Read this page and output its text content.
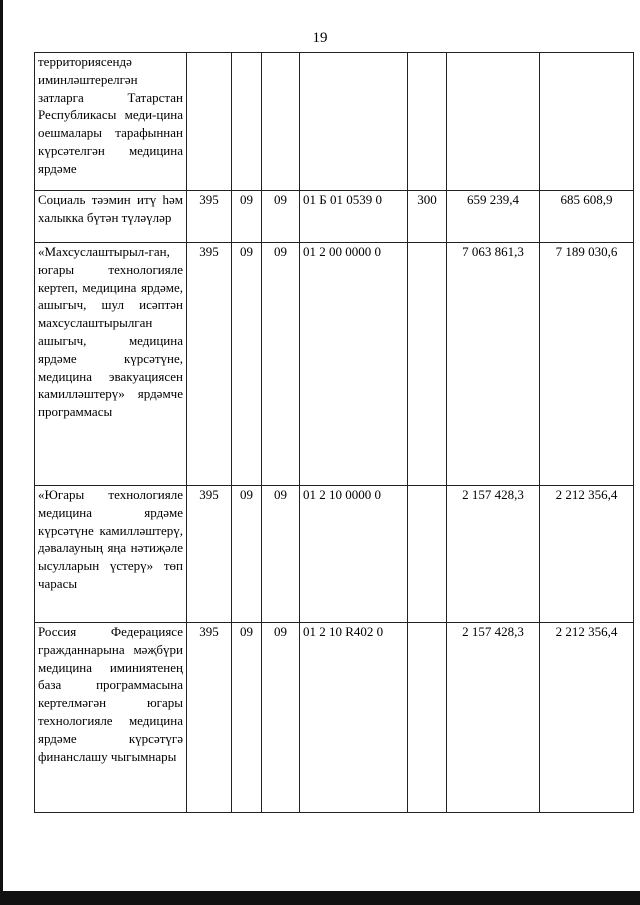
19
территориясендә иминләштерелгән затларга Татарстан Республикасы меди-цина оешмалары тарафыннан күрсәтелгән медицина ярдәме							
Социаль тәэмин итү һәм халыкка бүтән түләүләр	395	09	09	01 Б 01 0539 0	300	659 239,4	685 608,9
«Махсуслаштырыл-ган, югары технологияле кертеп, медицина ярдәме, ашыгыч, шул исәптән махсуслаштырылган ашыгыч, медицина ярдәме күрсәтүне, медицина эвакуациясен камилләштерү» ярдәмче программасы	395	09	09	01 2 00 0000 0		7 063 861,3	7 189 030,6
«Югары технологияле медицина ярдәме күрсәтүне камилләштерү, дәвалауның яңа нәтиҗәле ысулларын үстерү» төп чарасы	395	09	09	01 2 10 0000 0		2 157 428,3	2 212 356,4
Россия Федерациясе гражданнарына мәҗбүри медицина иминиятенең база программасына кертелмәгән югары технологияле медицина ярдәме күрсәтүгә финанслашу чыгымнары	395	09	09	01 2 10 R402 0		2 157 428,3	2 212 356,4
